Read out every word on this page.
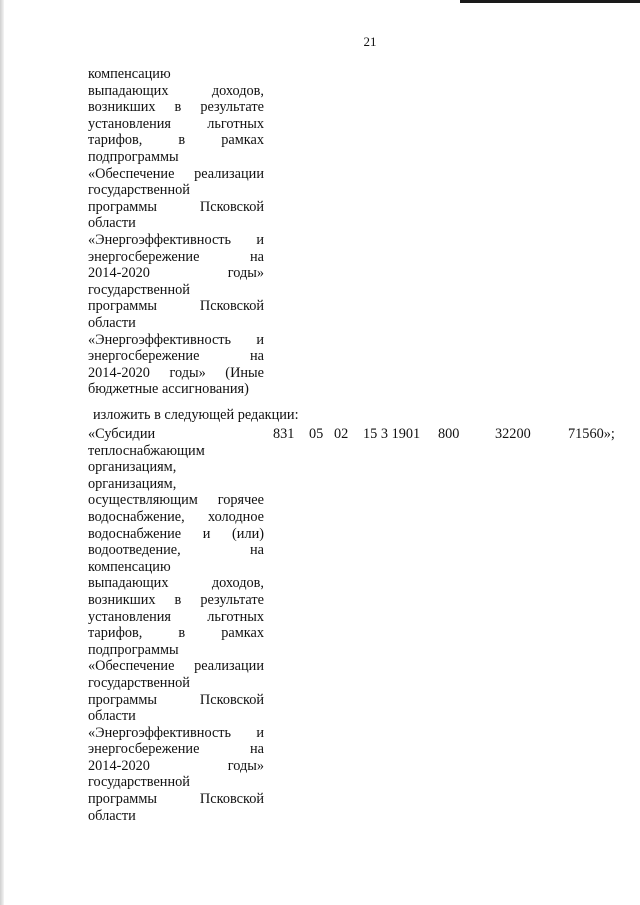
21
компенсацию
выпадающих доходов,
возникших в результате
установления льготных
тарифов, в рамках
подпрограммы
«Обеспечение реализации
государственной
программы Псковской
области
«Энергоэффективность и
энергосбережение на
2014-2020 годы»
государственной
программы Псковской
области
«Энергоэффективность и
энергосбережение на
2014-2020 годы» (Иные
бюджетные ассигнования)
изложить в следующей редакции:
«Субсидии
теплоснабжающим
организациям,
организациям,
осуществляющим горячее
водоснабжение, холодное
водоснабжение и (или)
водоотведение, на
компенсацию
выпадающих доходов,
возникших в результате
установления льготных
тарифов, в рамках
подпрограммы
«Обеспечение реализации
государственной
программы Псковской
области
«Энергоэффективность и
энергосбережение на
2014-2020 годы»
государственной
программы Псковской
области
831 05 02 15 3 1901 800 32200	71560»;
